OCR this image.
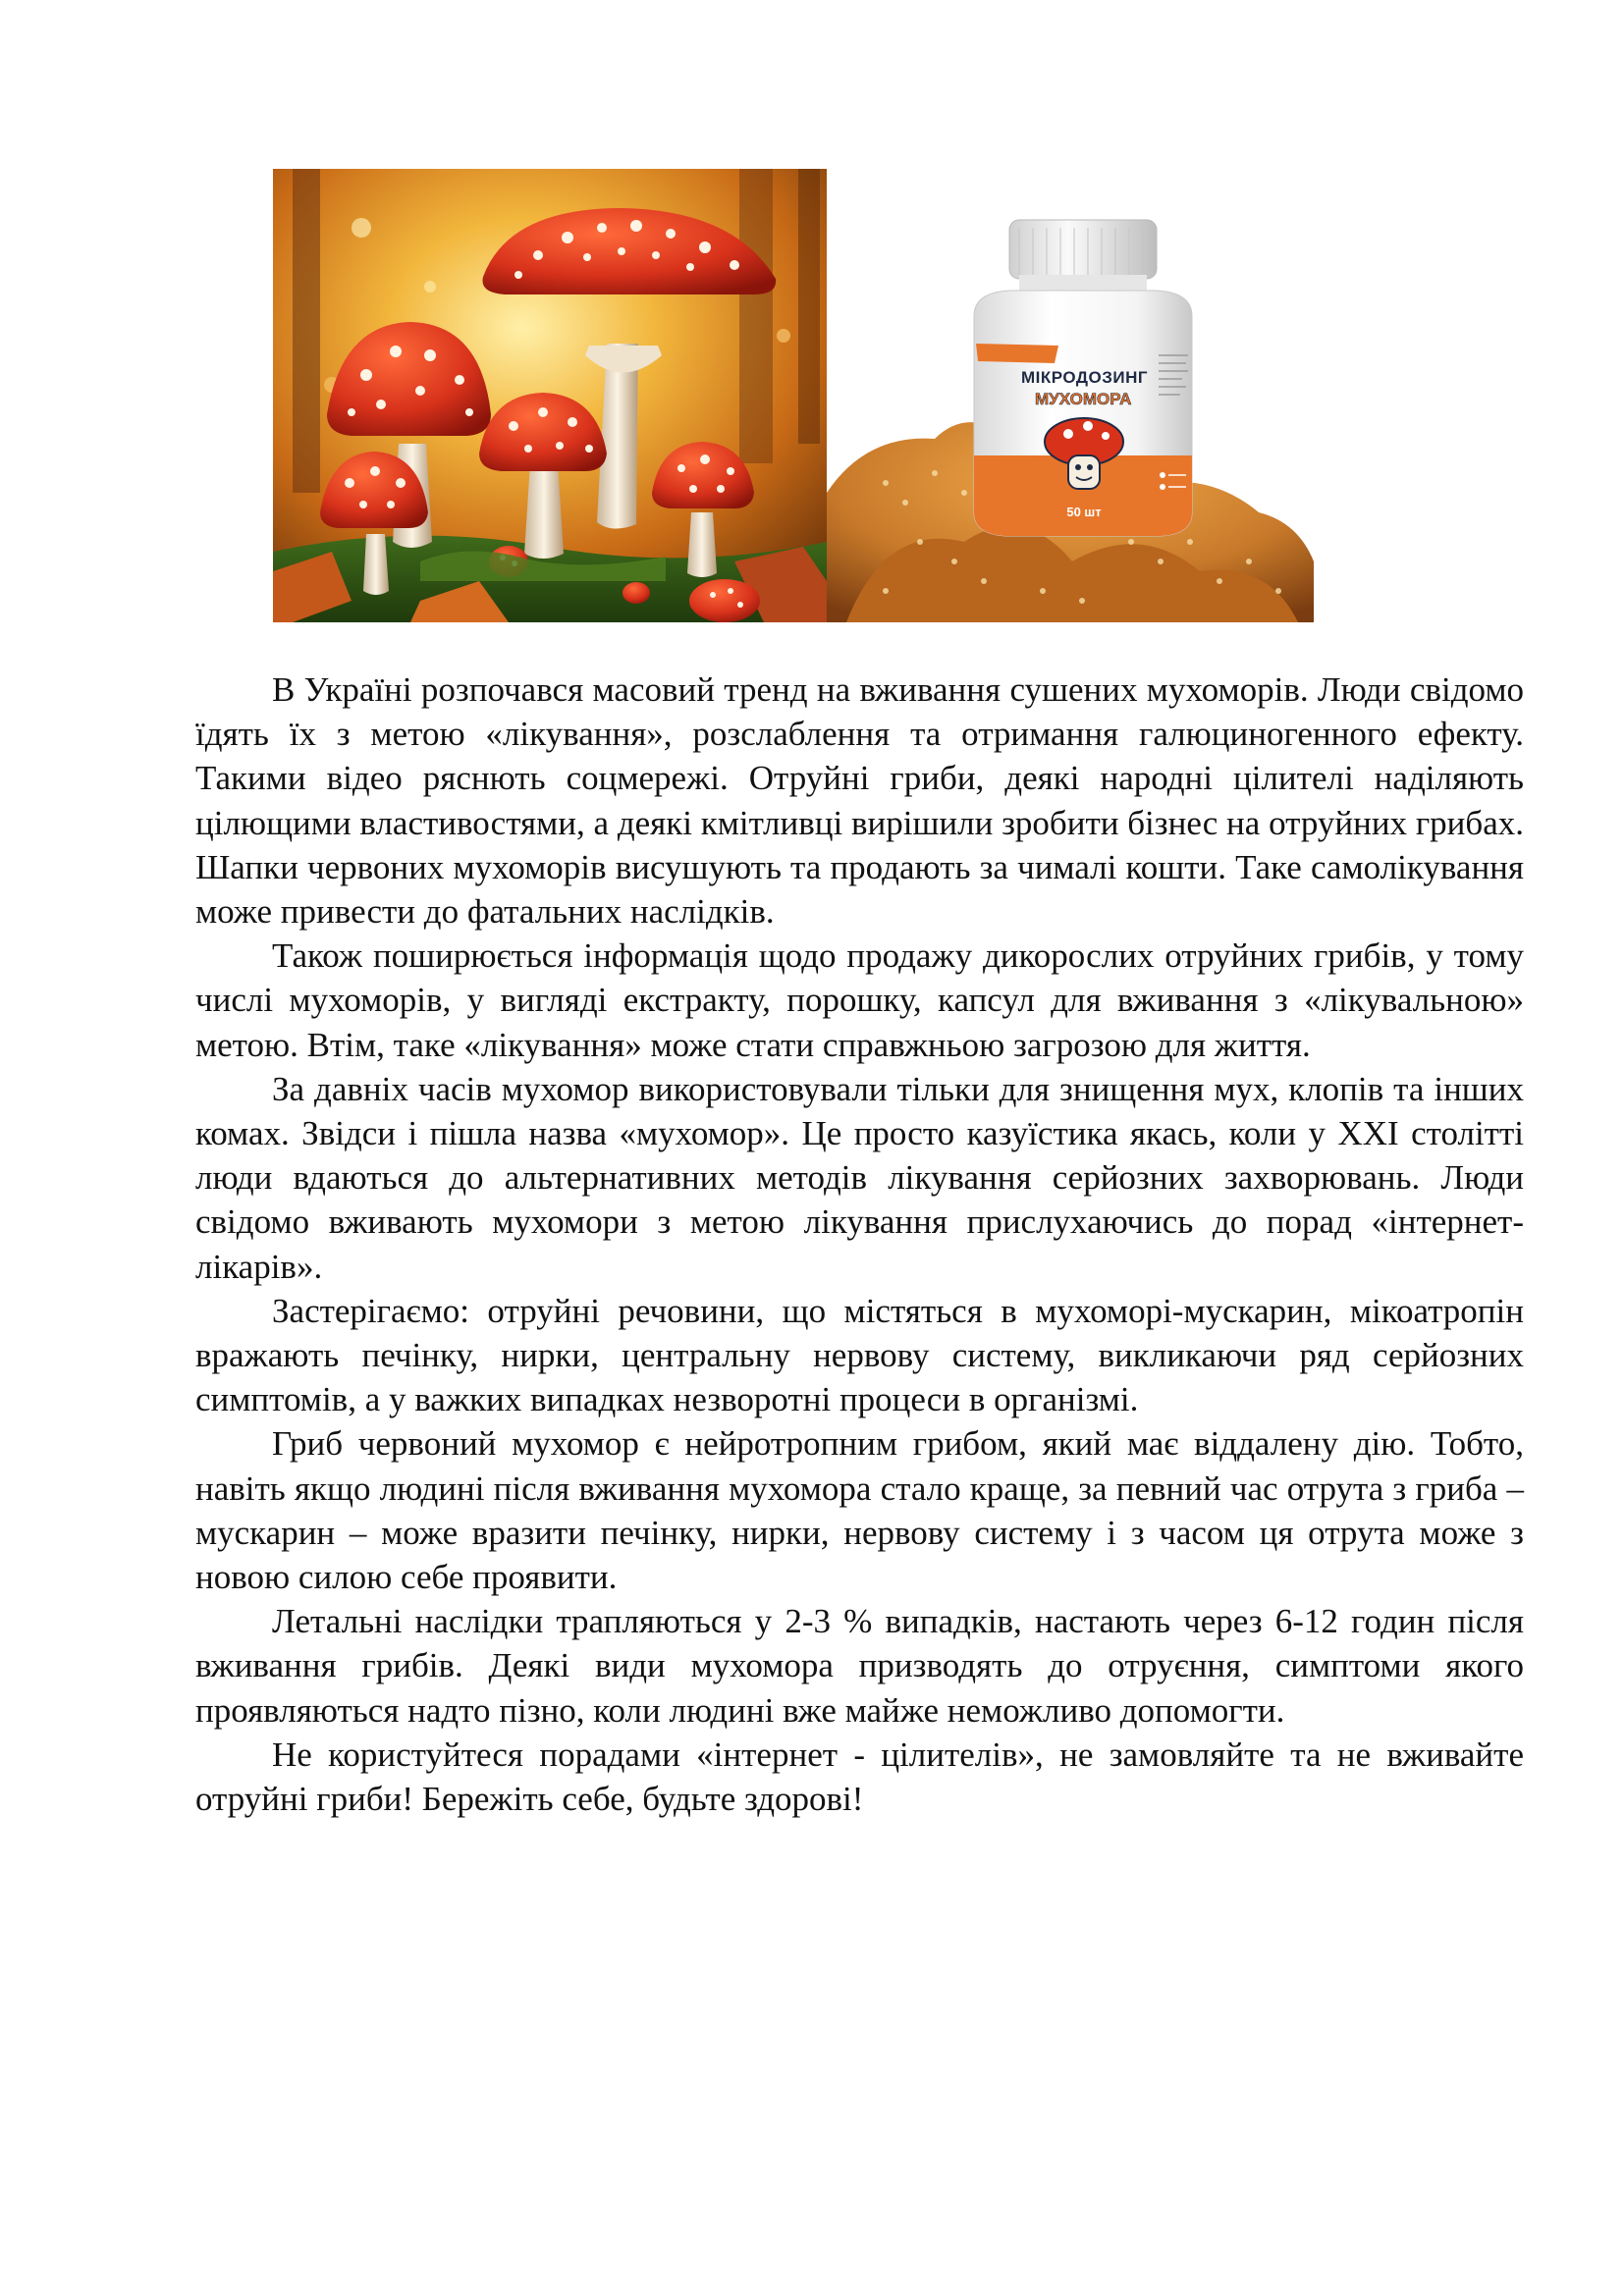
МІКРОДОЗИНГ
МУХОМОРА
50 шт

В Україні розпочався масовий тренд на вживання сушених мухоморів. Люди свідомо їдять їх з метою «лікування», розслаблення та отримання галюциногенного ефекту. Такими відео ряснють соцмережі. Отруйні гриби, деякі народні цілителі наділяють цілющими властивостями, а деякі кмітливці вирішили зробити бізнес на отруйних грибах. Шапки червоних мухоморів висушують та продають за чималі кошти. Таке самолікування може привести до фатальних наслідків.

Також поширюється інформація щодо продажу дикорослих отруйних грибів, у тому числі мухоморів, у вигляді екстракту, порошку, капсул для вживання з «лікувальною» метою. Втім, таке «лікування» може стати справжньою загрозою для життя.

За давніх часів мухомор використовували тільки для знищення мух, клопів та інших комах. Звідси і пішла назва «мухомор». Це просто казуїстика якась, коли у XXI столітті люди вдаються до альтернативних методів лікування серйозних захворювань. Люди свідомо вживають мухомори з метою лікування прислухаючись до порад «інтернет-лікарів».

Застерігаємо: отруйні речовини, що містяться в мухоморі-мускарин, мікоатропін вражають печінку, нирки, центральну нервову систему, викликаючи ряд серйозних симптомів, а у важких випадках незворотні процеси в організмі.

Гриб червоний мухомор є нейротропним грибом, який має віддалену дію. Тобто, навіть якщо людині після вживання мухомора стало краще, за певний час отрута з гриба – мускарин – може вразити печінку, нирки, нервову систему і з часом ця отрута може з новою силою себе проявити.

Летальні наслідки трапляються у 2-3 % випадків, настають через 6-12 годин після вживання грибів. Деякі види мухомора призводять до отруєння, симптоми якого проявляються надто пізно, коли людині вже майже неможливо допомогти.

Не користуйтеся порадами «інтернет - цілителів», не замовляйте та не вживайте отруйні гриби! Бережіть себе, будьте здорові!
